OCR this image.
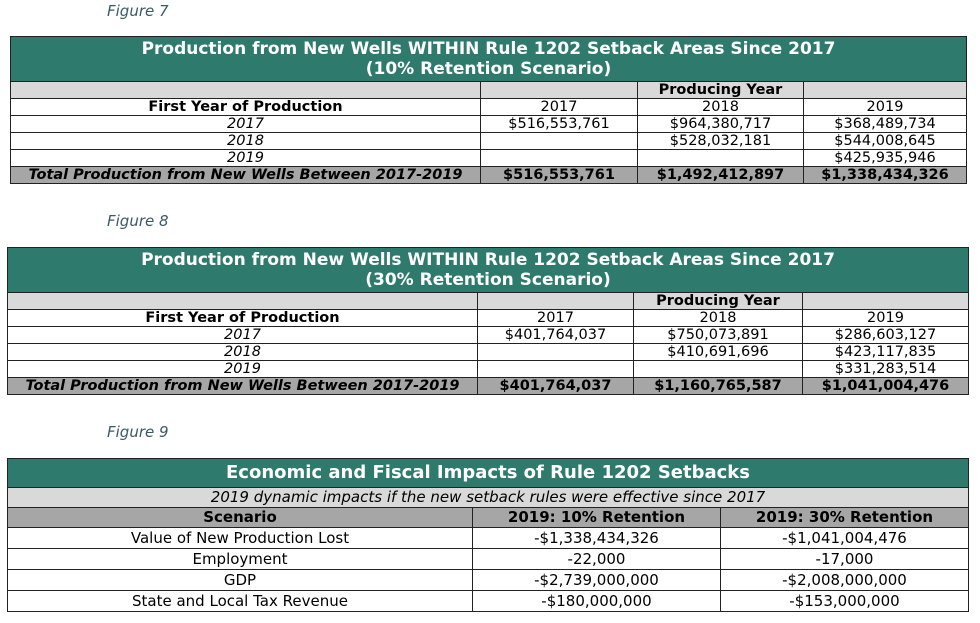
Figure 7
Production from New Wells WITHIN Rule 1202 Setback Areas Since 2017
(10% Retention Scenario)			

		Producing Year	
First Year of Production	2017	2018	2019
2017	$516,553,761	$964,380,717	$368,489,734
2018		$528,032,181	$544,008,645
2019			$425,935,946
Total Production from New Wells Between 2017-2019	$516,553,761	$1,492,412,897	$1,338,434,326
Figure 8
Production from New Wells WITHIN Rule 1202 Setback Areas Since 2017
(30% Retention Scenario)			

		Producing Year	
First Year of Production	2017	2018	2019
2017	$401,764,037	$750,073,891	$286,603,127
2018		$410,691,696	$423,117,835
2019			$331,283,514
Total Production from New Wells Between 2017-2019	$401,764,037	$1,160,765,587	$1,041,004,476
Figure 9
Economic and Fiscal Impacts of Rule 1202 Setbacks		
2019 dynamic impacts if the new setback rules were effective since 2017		
Scenario	2019: 10% Retention	2019: 30% Retention
Value of New Production Lost	-$1,338,434,326	-$1,041,004,476
Employment	-22,000	-17,000
GDP	-$2,739,000,000	-$2,008,000,000
State and Local Tax Revenue	-$180,000,000	-$153,000,000
